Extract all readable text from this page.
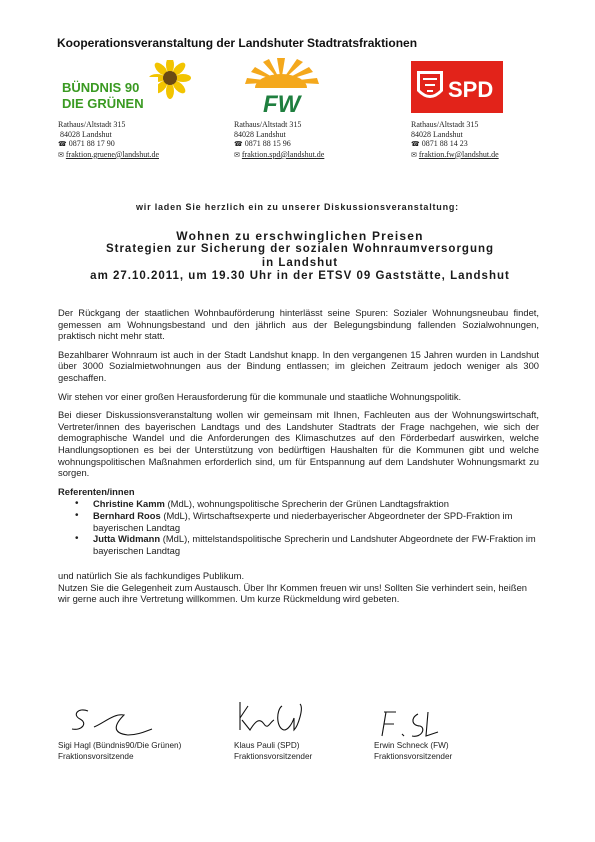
Kooperationsveranstaltung der Landshuter Stadtratsfraktionen
BÜNDNIS 90
DIE GRÜNEN	FW
SPD
Rathaus/Altstadt 315
84028 Landshut
☎ 0871 88 17 90
✉ fraktion.gruene@landshut.de
Rathaus/Altstadt 315
84028 Landshut
☎ 0871 88 15 96
✉ fraktion.spd@landshut.de
Rathaus/Altstadt 315
84028 Landshut
☎ 0871 88 14 23
✉ fraktion.fw@landshut.de
wir laden Sie herzlich ein zu unserer Diskussionsveranstaltung:
Wohnen zu erschwinglichen Preisen
Strategien zur Sicherung der sozialen Wohnraumversorgung
in Landshut
am 27.10.2011, um 19.30 Uhr in der ETSV 09 Gaststätte, Landshut

Der Rückgang der staatlichen Wohnbauförderung hinterlässt seine Spuren: Sozialer Wohnungsneubau findet, gemessen am Wohnungsbestand und den jährlich aus der Belegungsbindung fallenden Sozialwohnungen, praktisch nicht mehr statt.

Bezahlbarer Wohnraum ist auch in der Stadt Landshut knapp. In den vergangenen 15 Jahren wurden in Landshut über 3000 Sozialmietwohnungen aus der Bindung entlassen; im gleichen Zeitraum jedoch weniger als 300 geschaffen.

Wir stehen vor einer großen Herausforderung für die kommunale und staatliche Wohnungspolitik.

Bei dieser Diskussionsveranstaltung wollen wir gemeinsam mit Ihnen, Fachleuten aus der Wohnungswirtschaft, Vertreter/innen des bayerischen Landtags und des Landshuter Stadtrats der Frage nachgehen, wie sich der demographische Wandel und die Anforderungen des Klimaschutzes auf den Förderbedarf auswirken, welche Handlungsoptionen es bei der Unterstützung von bedürftigen Haushalten für die Kommunen gibt und welche wohnungspolitischen Maßnahmen erforderlich sind, um für Entspannung auf dem Landshuter Wohnungsmarkt zu sorgen.

Referenten/innen
• Christine Kamm (MdL), wohnungspolitische Sprecherin der Grünen Landtagsfraktion
• Bernhard Roos (MdL), Wirtschaftsexperte und niederbayerischer Abgeordneter der SPD-Fraktion im bayerischen Landtag
• Jutta Widmann (MdL), mittelstandspolitische Sprecherin und Landshuter Abgeordnete der FW-Fraktion im bayerischen Landtag

und natürlich Sie als fachkundiges Publikum.

Nutzen Sie die Gelegenheit zum Austausch. Über Ihr Kommen freuen wir uns! Sollten Sie verhindert sein, heißen wir gerne auch ihre Vertretung willkommen. Um kurze Rückmeldung wird gebeten.

Sigi Hagl (Bündnis90/Die Grünen)
Fraktionsvorsitzende
Klaus Pauli (SPD)
Fraktionsvorsitzender
Erwin Schneck (FW)
Fraktionsvorsitzender
